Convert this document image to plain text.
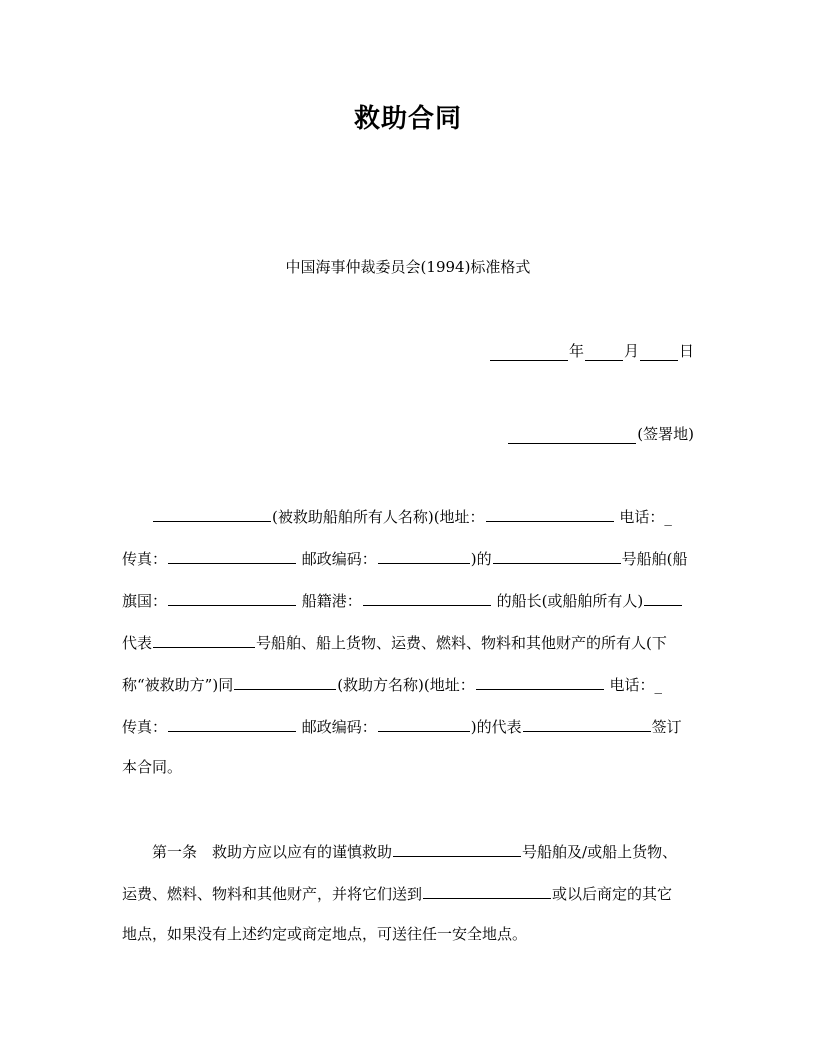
救助合同
中国海事仲裁委员会(1994)标准格式
年	月	日
(签署地)
(被救助船舶所有人名称)(地址：	电话：_
传真：	邮政编码：	)的	号船舶(船
旗国：	船籍港：	的船长(或船舶所有人)
代表	号船舶、船上货物、运费、燃料、物料和其他财产的所有人(下
称“被救助方”)同	(救助方名称)(地址：	电话：_
传真：	邮政编码：	)的代表	签订
本合同。
第一条　救助方应以应有的谨慎救助	号船舶及/或船上货物、
运费、燃料、物料和其他财产，并将它们送到	或以后商定的其它
地点，如果没有上述约定或商定地点，可送往任一安全地点。
